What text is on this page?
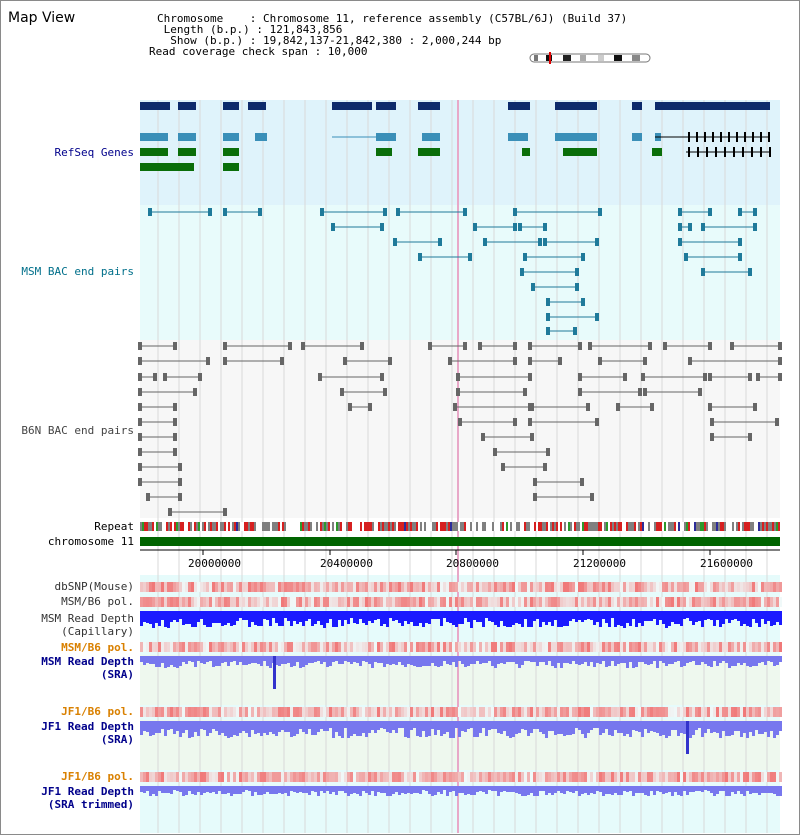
Map View	Chromosome    : Chromosome 11, reference assembly (C57BL/6J) (Build 37)
Length (b.p.) : 121,843,856
Show (b.p.) : 19,842,137-21,842,380 : 2,000,244 bp
Read coverage check span : 10,000
RefSeq Genes
MSM BAC end pairs
B6N BAC end pairs
Repeat
chromosome 11
dbSNP(Mouse)
MSM/B6 pol.
MSM Read Depth
(Capillary)
MSM/B6 pol.
MSM Read Depth
(SRA)
JF1/B6 pol.
JF1 Read Depth
(SRA)
JF1/B6 pol.
JF1 Read Depth
(SRA trimmed)
20000000	20400000	20800000	21200000	21600000
